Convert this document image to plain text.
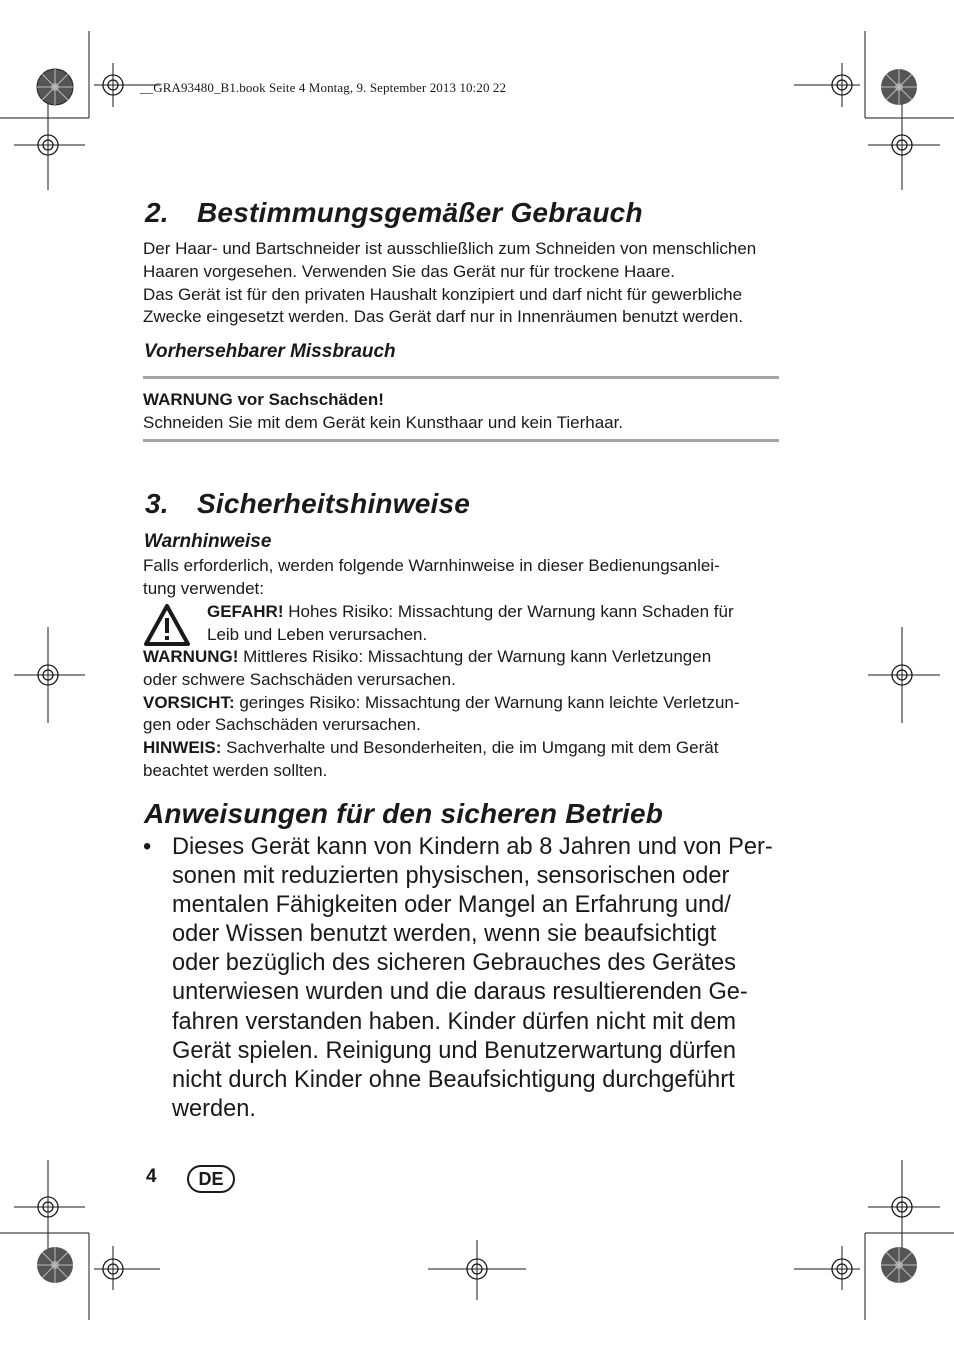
__GRA93480_B1.book Seite 4 Montag, 9. September 2013 10:20 22
2. Bestimmungsgemäßer Gebrauch
Der Haar- und Bartschneider ist ausschließlich zum Schneiden von menschlichen
Haaren vorgesehen. Verwenden Sie das Gerät nur für trockene Haare.
Das Gerät ist für den privaten Haushalt konzipiert und darf nicht für gewerbliche
Zwecke eingesetzt werden. Das Gerät darf nur in Innenräumen benutzt werden.
Vorhersehbarer Missbrauch
WARNUNG vor Sachschäden!
Schneiden Sie mit dem Gerät kein Kunsthaar und kein Tierhaar.
3. Sicherheitshinweise
Warnhinweise
Falls erforderlich, werden folgende Warnhinweise in dieser Bedienungsanlei-
tung verwendet:
GEFAHR! Hohes Risiko: Missachtung der Warnung kann Schaden für
Leib und Leben verursachen.
WARNUNG! Mittleres Risiko: Missachtung der Warnung kann Verletzungen
oder schwere Sachschäden verursachen.
VORSICHT: geringes Risiko: Missachtung der Warnung kann leichte Verletzun-
gen oder Sachschäden verursachen.
HINWEIS: Sachverhalte und Besonderheiten, die im Umgang mit dem Gerät
beachtet werden sollten.
Anweisungen für den sicheren Betrieb
• Dieses Gerät kann von Kindern ab 8 Jahren und von Per-
sonen mit reduzierten physischen, sensorischen oder
mentalen Fähigkeiten oder Mangel an Erfahrung und/
oder Wissen benutzt werden, wenn sie beaufsichtigt
oder bezüglich des sicheren Gebrauches des Gerätes
unterwiesen wurden und die daraus resultierenden Ge-
fahren verstanden haben. Kinder dürfen nicht mit dem
Gerät spielen. Reinigung und Benutzerwartung dürfen
nicht durch Kinder ohne Beaufsichtigung durchgeführt
werden.
4	DE
